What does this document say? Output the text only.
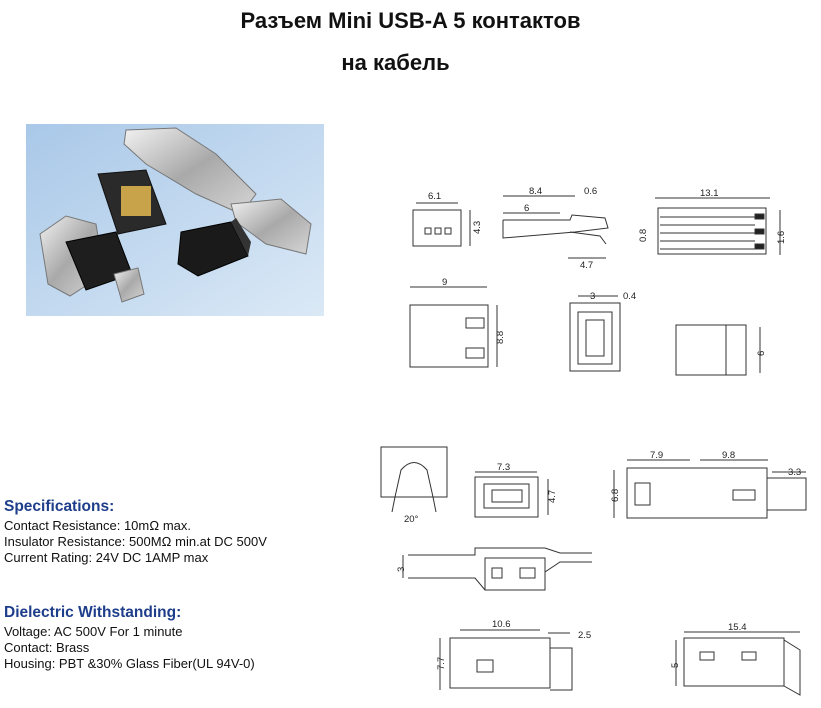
Разъем Mini USB-A 5 контактов
на кабель
Specifications:
Contact Resistance: 10mΩ max.
Insulator Resistance: 500MΩ min.at DC 500V
Current Rating: 24V DC 1AMP max
Dielectric Withstanding:
Voltage: AC 500V For 1 minute
Contact: Brass
Housing: PBT &30% Glass Fiber(UL 94V-0)
6.1
4.3
8.4	0.6
6
4.7
13.1
0.8	1.6
9
8.8
3	0.4
6
20°
7.3
4.7
7.9	9.8
3.3
6.8
3
10.6
2.5
7.7
15.4
5
